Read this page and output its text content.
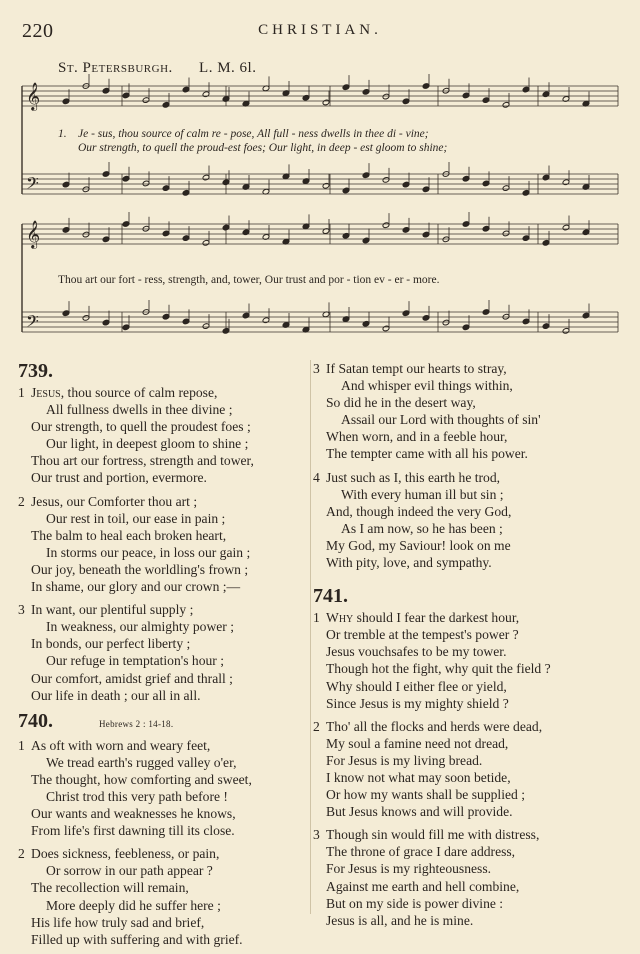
220	CHRISTIAN.
St. Petersburgh. L. M. 6l.
𝄞
𝄢
𝄞
𝄢
1. Je - sus, thou source of calm re - pose, All full - ness dwells in thee di - vine;
Our strength, to quell the proud-est foes; Our light, in deep - est gloom to shine;
Thou art our fort - ress, strength, and, tower, Our trust and por - tion ev - er - more.
739.
1 Jesus, thou source of calm repose,
All fullness dwells in thee divine ;
Our strength, to quell the proudest foes ;
Our light, in deepest gloom to shine ;
Thou art our fortress, strength and tower,
Our trust and portion, evermore.
2 Jesus, our Comforter thou art ;
Our rest in toil, our ease in pain ;
The balm to heal each broken heart,
In storms our peace, in loss our gain ;
Our joy, beneath the worldling's frown ;
In shame, our glory and our crown ;—
3 In want, our plentiful supply ;
In weakness, our almighty power ;
In bonds, our perfect liberty ;
Our refuge in temptation's hour ;
Our comfort, amidst grief and thrall ;
Our life in death ; our all in all.
740.	Hebrews 2 : 14-18.
1 As oft with worn and weary feet,
We tread earth's rugged valley o'er,
The thought, how comforting and sweet,
Christ trod this very path before !
Our wants and weaknesses he knows,
From life's first dawning till its close.
2 Does sickness, feebleness, or pain,
Or sorrow in our path appear ?
The recollection will remain,
More deeply did he suffer here ;
His life how truly sad and brief,
Filled up with suffering and with grief.
3 If Satan tempt our hearts to stray,
And whisper evil things within,
So did he in the desert way,
Assail our Lord with thoughts of sin'
When worn, and in a feeble hour,
The tempter came with all his power.
4 Just such as I, this earth he trod,
With every human ill but sin ;
And, though indeed the very God,
As I am now, so he has been ;
My God, my Saviour! look on me
With pity, love, and sympathy.
741.
1 Why should I fear the darkest hour,
Or tremble at the tempest's power ?
Jesus vouchsafes to be my tower.
Though hot the fight, why quit the field ?
Why should I either flee or yield,
Since Jesus is my mighty shield ?
2 Tho' all the flocks and herds were dead,
My soul a famine need not dread,
For Jesus is my living bread.
I know not what may soon betide,
Or how my wants shall be supplied ;
But Jesus knows and will provide.
3 Though sin would fill me with distress,
The throne of grace I dare address,
For Jesus is my righteousness.
Against me earth and hell combine,
But on my side is power divine :
Jesus is all, and he is mine.
